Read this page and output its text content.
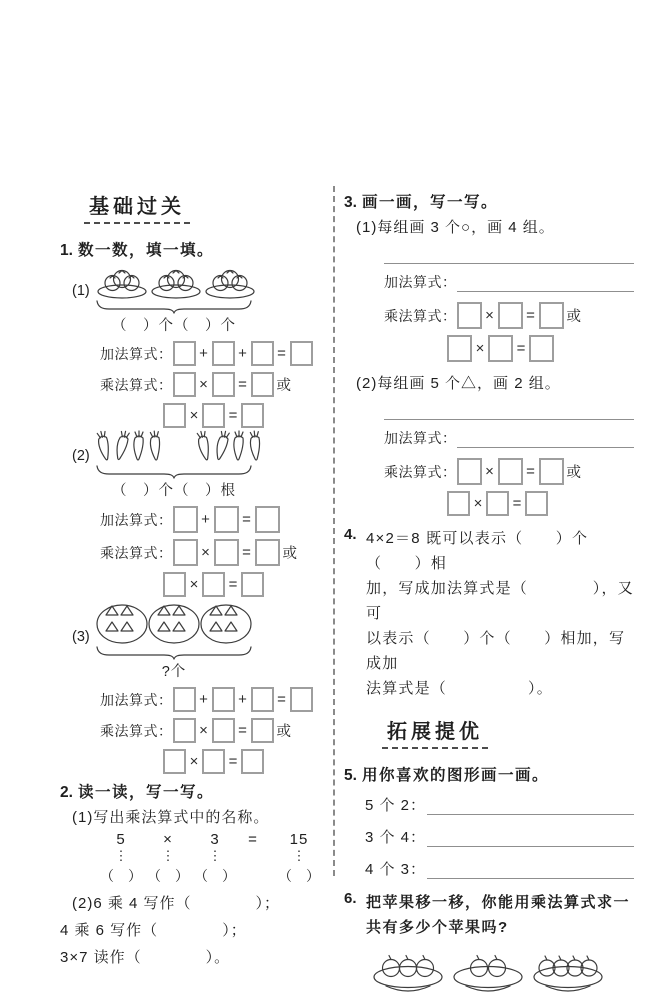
基础过关
1. 数一数，填一填。
(1)
（　）个（　）个
加法算式： + + =
乘法算式： × = 或
× =
(2)
（　）个（　）根
加法算式： + =
乘法算式： × = 或
× =
(3)
?个
加法算式： + + =
乘法算式： × = 或
× =
2. 读一读，写一写。
(1)写出乘法算式中的名称。
5	×	3	=	15
⋮	⋮	⋮	⋮
（　） （　） （　）	（　）
(2)6 乘 4 写作（　　　　）；
4 乘 6 写作（　　　　）；
3×7 读作（　　　　）。
3. 画一画，写一写。
(1)每组画 3 个○，画 4 组。
加法算式：
乘法算式： × = 或
× =
(2)每组画 5 个△，画 2 组。
加法算式：
乘法算式： × = 或
× =
4. 4×2＝8 既可以表示（　　）个（　　）相
加，写成加法算式是（　　　　），又可
以表示（　　）个（　　）相加，写成加
法算式是（　　　　　）。
拓展提优
5. 用你喜欢的图形画一画。
5 个 2：
3 个 4：
4 个 3：
6. 把苹果移一移，你能用乘法算式求一
共有多少个苹果吗?
